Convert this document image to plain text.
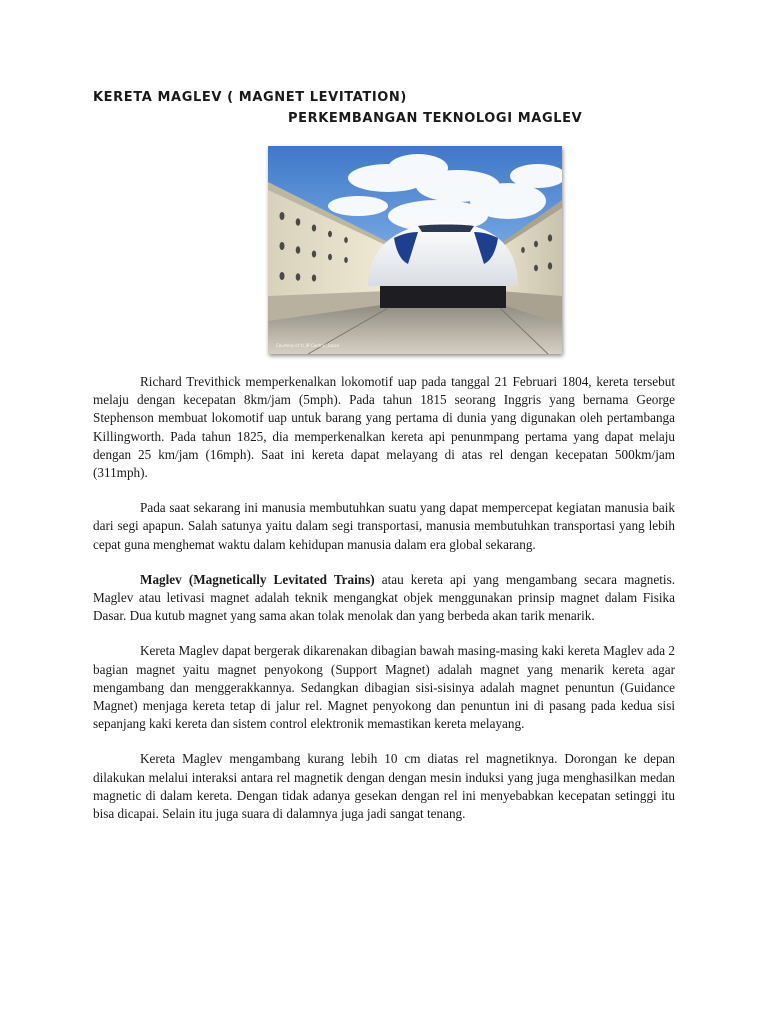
KERETA MAGLEV ( MAGNET LEVITATION)
PERKEMBANGAN TEKNOLOGI MAGLEV
Courtesy of © JR Central, Japan

Richard Trevithick memperkenalkan lokomotif uap pada tanggal 21 Februari 1804, kereta tersebut melaju dengan kecepatan 8km/jam (5mph). Pada tahun 1815 seorang Inggris yang bernama George Stephenson membuat lokomotif uap untuk barang yang pertama di dunia yang digunakan oleh pertambanga Killingworth. Pada tahun 1825, dia memperkenalkan kereta api penunmpang pertama yang dapat melaju dengan 25 km/jam (16mph). Saat ini kereta dapat melayang di atas rel dengan kecepatan 500km/jam (311mph).

Pada saat sekarang ini manusia membutuhkan suatu yang dapat mempercepat kegiatan manusia baik dari segi apapun. Salah satunya yaitu dalam segi transportasi, manusia membutuhkan transportasi yang lebih cepat guna menghemat waktu dalam kehidupan manusia dalam era global sekarang.

Maglev (Magnetically Levitated Trains) atau kereta api yang mengambang secara magnetis. Maglev atau letivasi magnet adalah teknik mengangkat objek menggunakan prinsip magnet dalam Fisika Dasar. Dua kutub magnet yang sama akan tolak menolak dan yang berbeda akan tarik menarik.

Kereta Maglev dapat bergerak dikarenakan dibagian bawah masing-masing kaki kereta Maglev ada 2 bagian magnet yaitu magnet penyokong (Support Magnet) adalah magnet yang menarik kereta agar mengambang dan menggerakkannya. Sedangkan dibagian sisi-sisinya adalah magnet penuntun (Guidance Magnet) menjaga kereta tetap di jalur rel. Magnet penyokong dan penuntun ini di pasang pada kedua sisi sepanjang kaki kereta dan sistem control elektronik memastikan kereta melayang.

Kereta Maglev mengambang kurang lebih 10 cm diatas rel magnetiknya. Dorongan ke depan dilakukan melalui interaksi antara rel magnetik dengan dengan mesin induksi yang juga menghasilkan medan magnetic di dalam kereta. Dengan tidak adanya gesekan dengan rel ini menyebabkan kecepatan setinggi itu bisa dicapai. Selain itu juga suara di dalamnya juga jadi sangat tenang.
